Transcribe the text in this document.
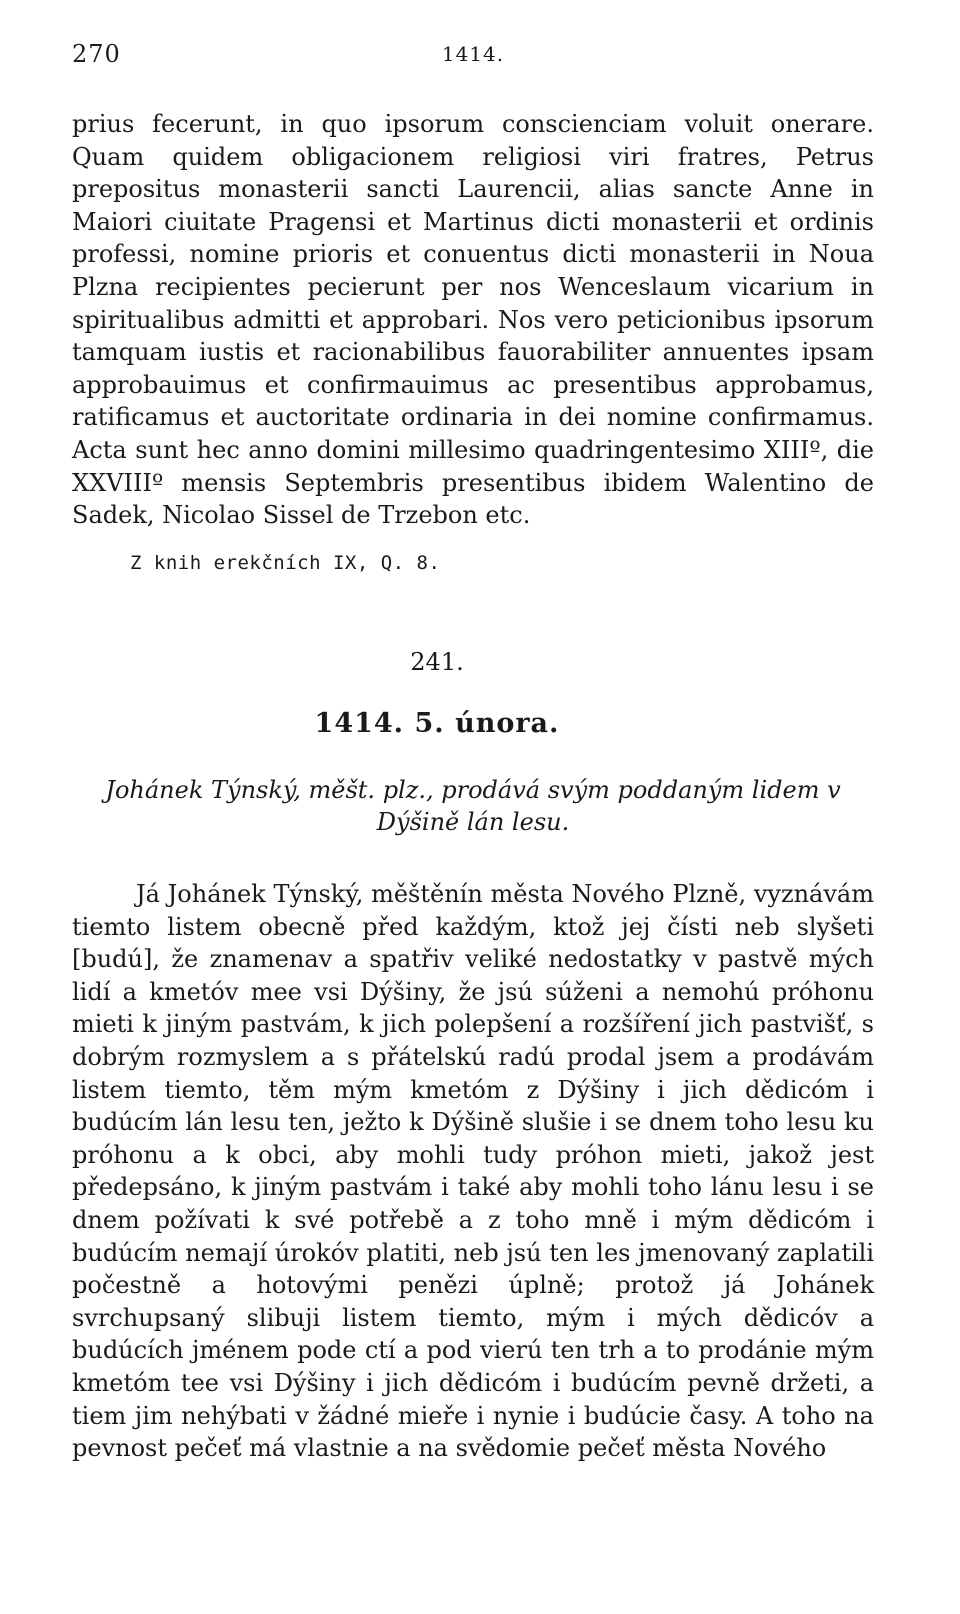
270	1414.

prius fecerunt, in quo ipsorum conscienciam voluit onerare. Quam quidem obligacionem religiosi viri fratres, Petrus prepositus monasterii sancti Laurencii, alias sancte Anne in Maiori ciuitate Pragensi et Martinus dicti monasterii et ordinis professi, nomine prioris et conuentus dicti monasterii in Noua Plzna recipientes pecierunt per nos Wenceslaum vicarium in spiritualibus admitti et approbari. Nos vero peticionibus ipsorum tamquam iustis et racionabilibus fauorabiliter annuentes ipsam approbauimus et confirmauimus ac presentibus approbamus, ratificamus et auctoritate ordinaria in dei nomine confirmamus. Acta sunt hec anno domini millesimo quadringentesimo XIIIº, die XXVIIIº mensis Septembris presentibus ibidem Walentino de Sadek, Nicolao Sissel de Trzebon etc.

Z knih erekčních IX, Q. 8.
241.
1414. 5. února.
Johánek Týnský, měšt. plz., prodává svým poddaným lidem v Dýšině lán lesu.

Já Johánek Týnský, měštěnín města Nového Plzně, vyznávám tiemto listem obecně před každým, ktož jej čísti neb slyšeti [budú], že znamenav a spatřiv veliké nedostatky v pastvě mých lidí a kmetóv mee vsi Dýšiny, že jsú súženi a nemohú próhonu mieti k jiným pastvám, k jich polepšení a rozšíření jich pastvišť, s dobrým rozmyslem a s přátelskú radú prodal jsem a prodávám listem tiemto, těm mým kmetóm z Dýšiny i jich dědicóm i budúcím lán lesu ten, ježto k Dýšině slušie i se dnem toho lesu ku próhonu a k obci, aby mohli tudy próhon mieti, jakož jest předepsáno, k jiným pastvám i také aby mohli toho lánu lesu i se dnem požívati k své potřebě a z toho mně i mým dědicóm i budúcím nemají úrokóv platiti, neb jsú ten les jmenovaný zaplatili počestně a hotovými penězi úplně; protož já Johánek svrchupsaný slibuji listem tiemto, mým i mých dědicóv a budúcích jménem pode ctí a pod vierú ten trh a to prodánie mým kmetóm tee vsi Dýšiny i jich dědicóm i budúcím pevně držeti, a tiem jim nehýbati v žádné mieře i nynie i budúcie časy. A toho na pevnost pečeť má vlastnie a na svědomie pečeť města Nového
